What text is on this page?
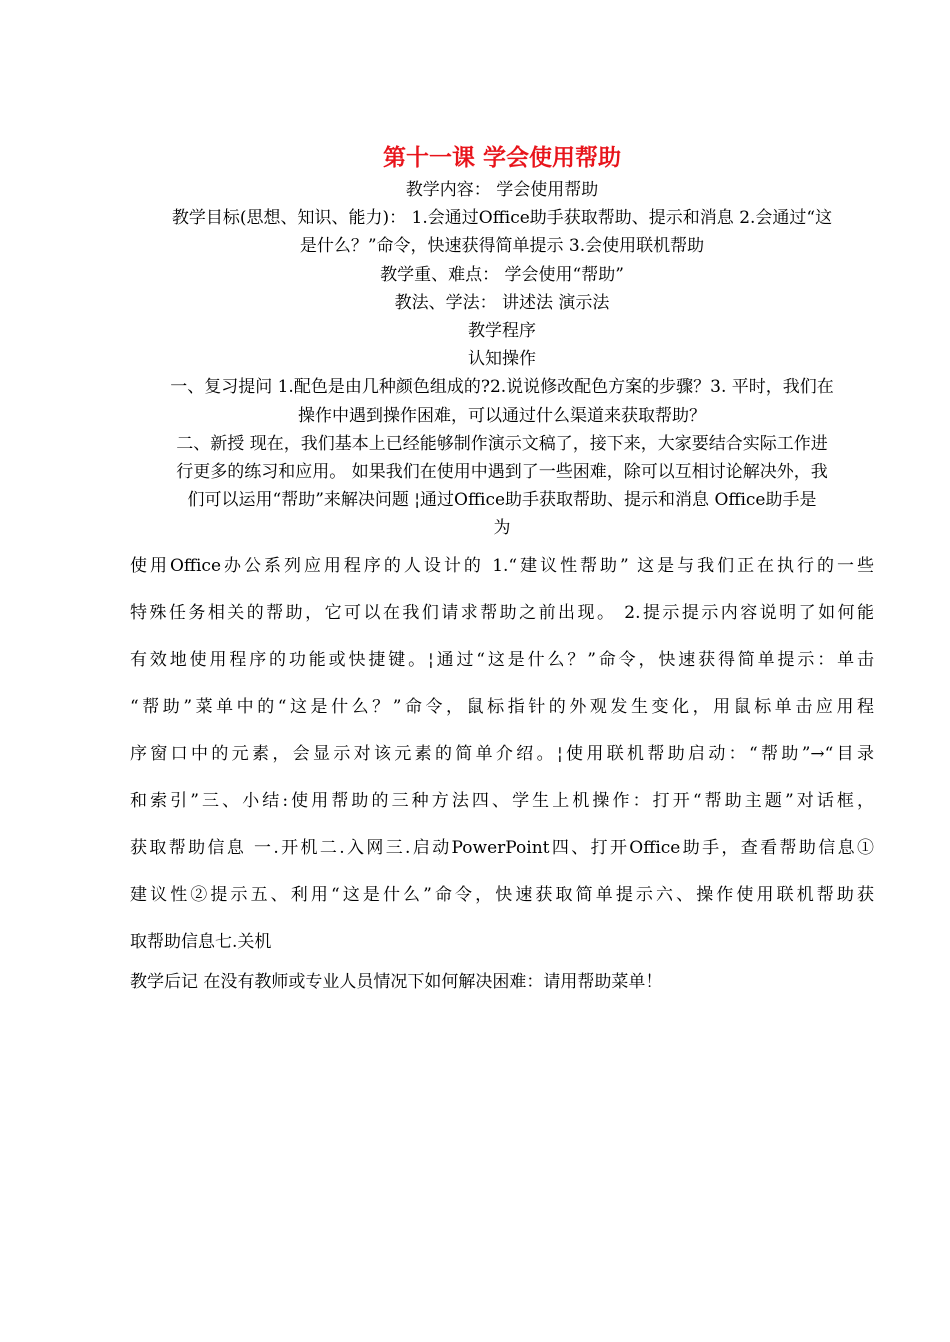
第十一课 学会使用帮助

教学内容： 学会使用帮助

教学目标(思想、知识、能力)： 1.会通过Office助手获取帮助、提示和消息 2.会通过“这

是什么？”命令，快速获得简单提示 3.会使用联机帮助

教学重、难点： 学会使用“帮助”

教法、学法： 讲述法 演示法

教学程序

认知操作

一、复习提问 1.配色是由几种颜色组成的?2.说说修改配色方案的步骤？3. 平时，我们在

操作中遇到操作困难，可以通过什么渠道来获取帮助？

二、新授 现在，我们基本上已经能够制作演示文稿了，接下来，大家要结合实际工作进

行更多的练习和应用。 如果我们在使用中遇到了一些困难，除可以互相讨论解决外，我

们可以运用“帮助”来解决问题 ¦通过Office助手获取帮助、提示和消息 Office助手是

为

使用Office办公系列应用程序的人设计的 1.“建议性帮助” 这是与我们正在执行的一些

特殊任务相关的帮助，它可以在我们请求帮助之前出现。 2.提示提示内容说明了如何能

有效地使用程序的功能或快捷键。¦通过“这是什么？”命令，快速获得简单提示：单击

“帮助”菜单中的“这是什么？”命令，鼠标指针的外观发生变化，用鼠标单击应用程

序窗口中的元素，会显示对该元素的简单介绍。¦使用联机帮助启动：“帮助”→“目录

和索引”三、小结:使用帮助的三种方法四、学生上机操作：打开“帮助主题”对话框，

获取帮助信息 一.开机二.入网三.启动PowerPoint四、打开Office助手，查看帮助信息①

建议性②提示五、利用“这是什么”命令，快速获取简单提示六、操作使用联机帮助获

取帮助信息七.关机

教学后记 在没有教师或专业人员情况下如何解决困难：请用帮助菜单！
